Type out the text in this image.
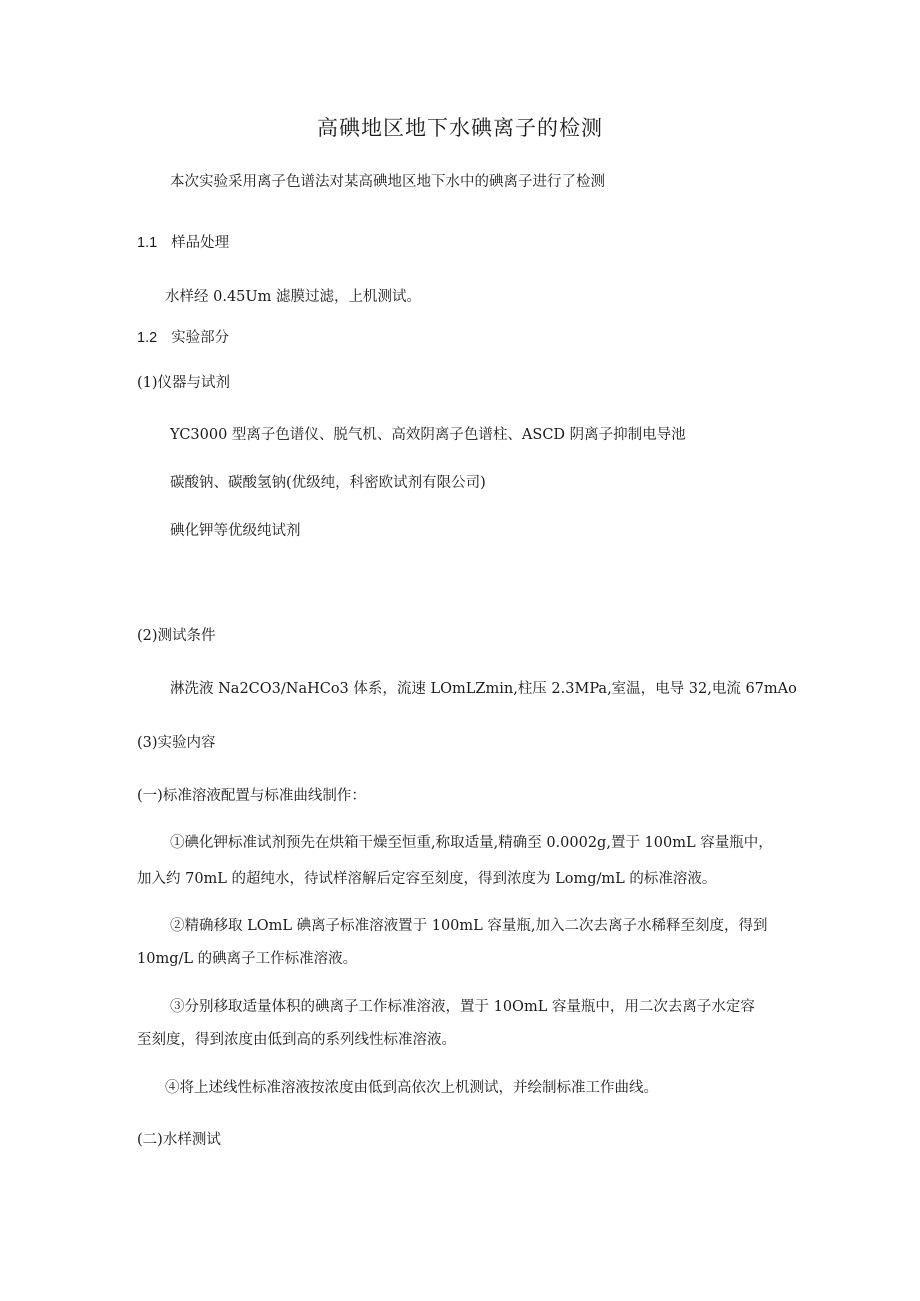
高碘地区地下水碘离子的检测
本次实验采用离子色谱法对某高碘地区地下水中的碘离子进行了检测
1.1 样品处理
水样经 0.45Um 滤膜过滤，上机测试。
1.2 实验部分
(1)仪器与试剂
YC3000 型离子色谱仪、脱气机、高效阴离子色谱柱、ASCD 阴离子抑制电导池
碳酸钠、碳酸氢钠(优级纯，科密欧试剂有限公司)
碘化钾等优级纯试剂
(2)测试条件
淋洗液 Na2CO3∕NaHCo3 体系，流速 LOmLZmin,柱压 2.3MPa,室温，电导 32,电流 67mAo
(3)实验内容
(一)标准溶液配置与标准曲线制作：
①碘化钾标准试剂预先在烘箱干燥至恒重,称取适量,精确至 0.0002g,置于 100mL 容量瓶中，
加入约 70mL 的超纯水，待试样溶解后定容至刻度，得到浓度为 Lomg∕mL 的标准溶液。
②精确移取 LOmL 碘离子标准溶液置于 100mL 容量瓶,加入二次去离子水稀释至刻度，得到
10mg∕L 的碘离子工作标准溶液。
③分别移取适量体积的碘离子工作标准溶液，置于 10OmL 容量瓶中，用二次去离子水定容
至刻度，得到浓度由低到高的系列线性标准溶液。
④将上述线性标准溶液按浓度由低到高依次上机测试，并绘制标准工作曲线。
(二)水样测试
